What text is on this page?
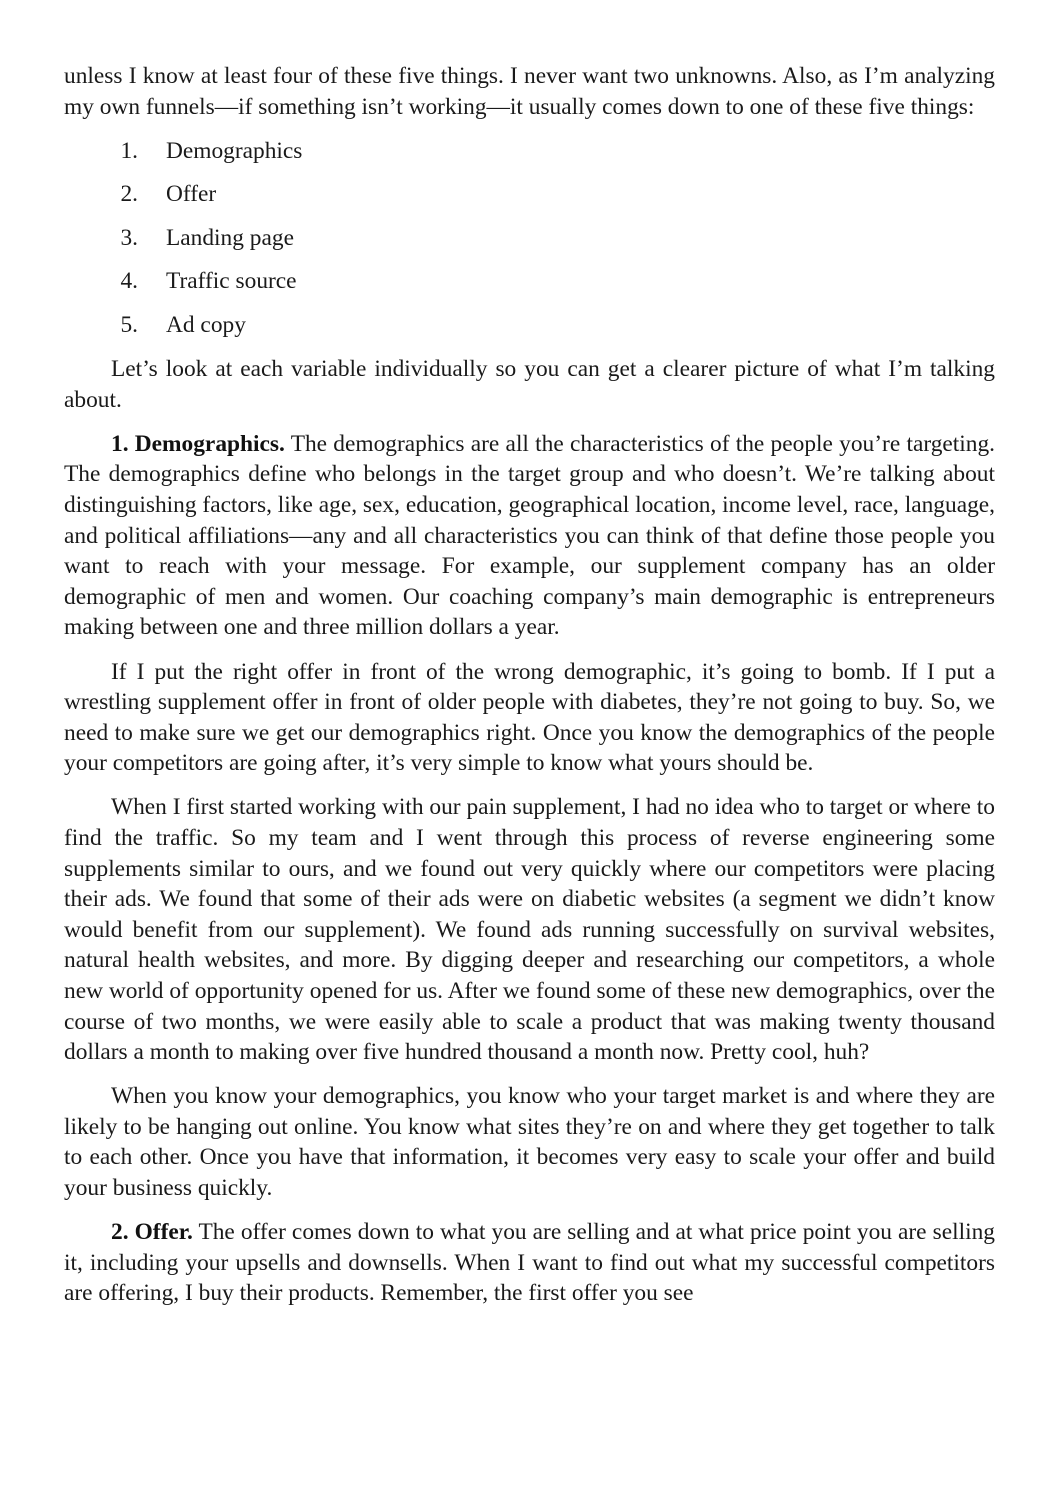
unless I know at least four of these five things. I never want two unknowns. Also, as I’m analyzing my own funnels—if something isn’t working—it usually comes down to one of these five things:

1. Demographics
2. Offer
3. Landing page
4. Traffic source
5. Ad copy

Let’s look at each variable individually so you can get a clearer picture of what I’m talking about.

1. Demographics. The demographics are all the characteristics of the people you’re targeting. The demographics define who belongs in the target group and who doesn’t. We’re talking about distinguishing factors, like age, sex, education, geographical location, income level, race, language, and political affiliations—any and all characteristics you can think of that define those people you want to reach with your message. For example, our supplement company has an older demographic of men and women. Our coaching company’s main demographic is entrepreneurs making between one and three million dollars a year.

If I put the right offer in front of the wrong demographic, it’s going to bomb. If I put a wrestling supplement offer in front of older people with diabetes, they’re not going to buy. So, we need to make sure we get our demographics right. Once you know the demographics of the people your competitors are going after, it’s very simple to know what yours should be.

When I first started working with our pain supplement, I had no idea who to target or where to find the traffic. So my team and I went through this process of reverse engineering some supplements similar to ours, and we found out very quickly where our competitors were placing their ads. We found that some of their ads were on diabetic websites (a segment we didn’t know would benefit from our supplement). We found ads running successfully on survival websites, natural health websites, and more. By digging deeper and researching our competitors, a whole new world of opportunity opened for us. After we found some of these new demographics, over the course of two months, we were easily able to scale a product that was making twenty thousand dollars a month to making over five hundred thousand a month now. Pretty cool, huh?

When you know your demographics, you know who your target market is and where they are likely to be hanging out online. You know what sites they’re on and where they get together to talk to each other. Once you have that information, it becomes very easy to scale your offer and build your business quickly.

2. Offer. The offer comes down to what you are selling and at what price point you are selling it, including your upsells and downsells. When I want to find out what my successful competitors are offering, I buy their products. Remember, the first offer you see
